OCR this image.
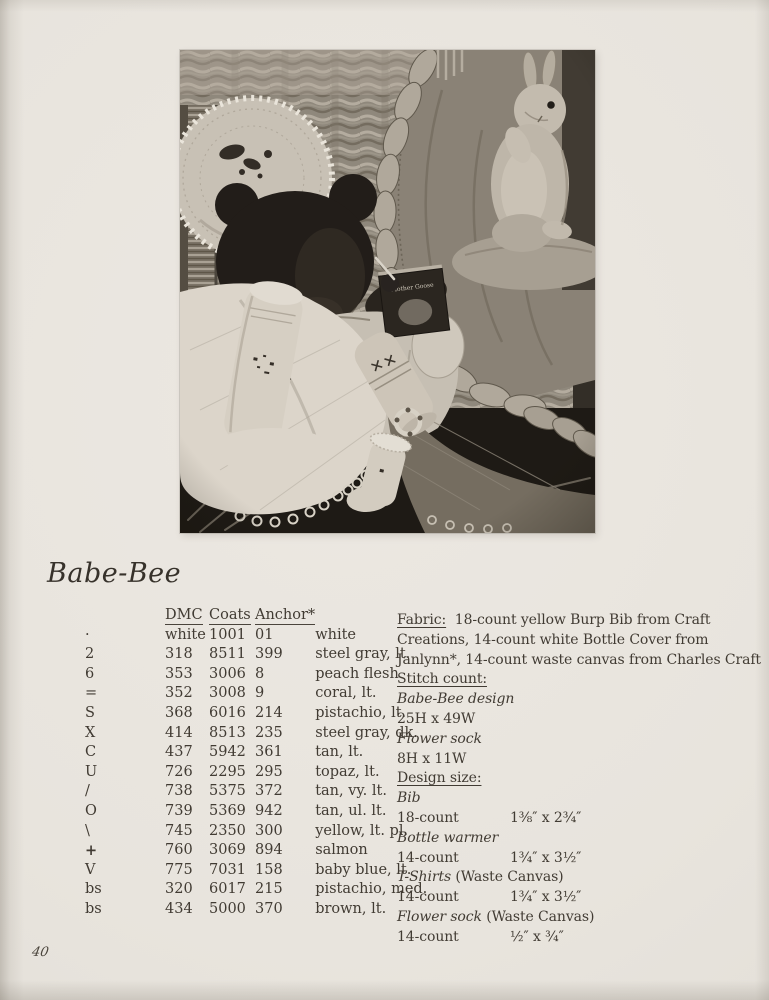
Babe-Bee
	DMC	Coats	Anchor*	
·	white	1001	01	white
2	318	8511	399	steel gray, lt.
6	353	3006	8	peach flesh
=	352	3008	9	coral, lt.
S	368	6016	214	pistachio, lt.
X	414	8513	235	steel gray, dk.
C	437	5942	361	tan, lt.
U	726	2295	295	topaz, lt.
/	738	5375	372	tan, vy. lt.
O	739	5369	942	tan, ul. lt.
\	745	2350	300	yellow, lt. pl.
+	760	3069	894	salmon
V	775	7031	158	baby blue, lt.
bs	320	6017	215	pistachio, med.
bs	434	5000	370	brown, lt.
Fabric:  18-count yellow Burp Bib from Craft
Creations, 14-count white Bottle Cover from
Janlynn*, 14-count waste canvas from Charles Craft
Stitch count:
Babe-Bee design
25H x 49W
Flower sock
8H x 11W
Design size:
Bib
18-count	1⅜″ x 2¾″
Bottle warmer
14-count	1¾″ x 3½″
T-Shirts (Waste Canvas)
14-count	1¾″ x 3½″
Flower sock (Waste Canvas)
14-count	½″ x ¾″
40
